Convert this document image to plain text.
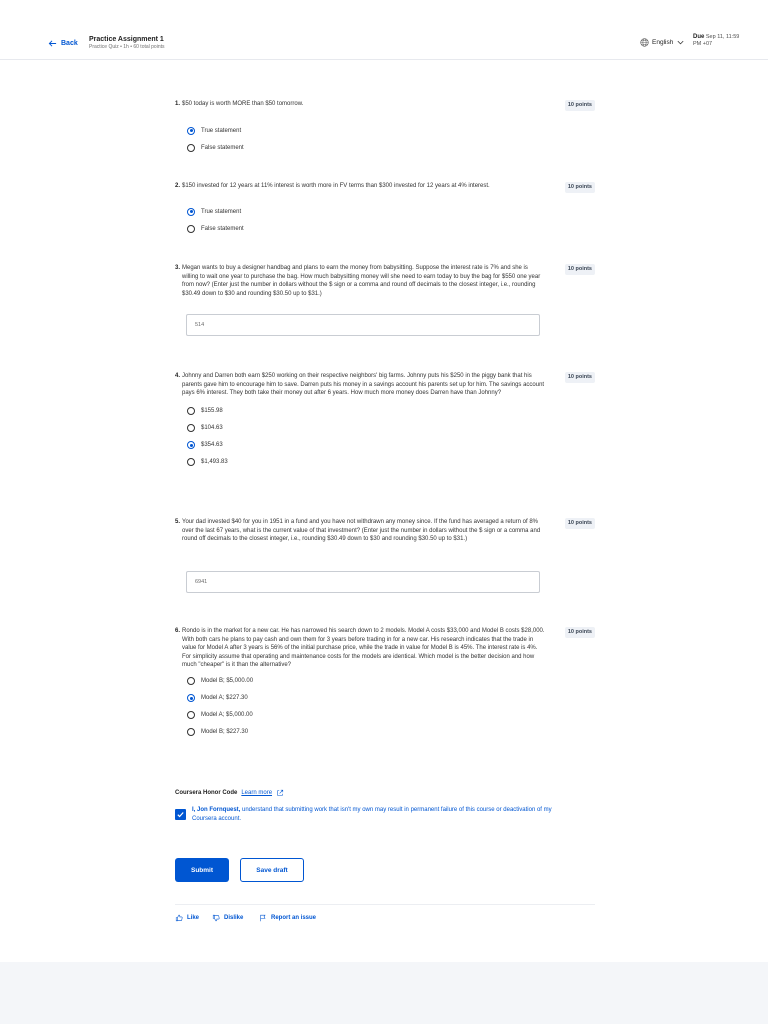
Back
Practice Assignment 1
Practice Quiz • 1h • 60 total points
English
Due Sep 11, 11:59
PM +07
1. $50 today is worth MORE than $50 tomorrow.	10 points
True statement
False statement
2. $150 invested for 12 years at 11% interest is worth more in FV terms than $300 invested for 12 years at 4% interest.	10 points
True statement
False statement
3. Megan wants to buy a designer handbag and plans to earn the money from babysitting. Suppose the interest rate is 7% and she is willing to wait one year to purchase the bag. How much babysitting money will she need to earn today to buy the bag for $550 one year from now? (Enter just the number in dollars without the $ sign or a comma and round off decimals to the closest integer, i.e., rounding $30.49 down to $30 and rounding $30.50 up to $31.)
10 points
514
4. Johnny and Darren both earn $250 working on their respective neighbors' big farms. Johnny puts his $250 in the piggy bank that his parents gave him to encourage him to save. Darren puts his money in a savings account his parents set up for him. The savings account pays 6% interest. They both take their money out after 6 years. How much more money does Darren have than Johnny?
10 points
$155.98
$104.63
$354.63
$1,493.83
5. Your dad invested $40 for you in 1951 in a fund and you have not withdrawn any money since. If the fund has averaged a return of 8% over the last 67 years, what is the current value of that investment? (Enter just the number in dollars without the $ sign or a comma and round off decimals to the closest integer, i.e., rounding $30.49 down to $30 and rounding $30.50 up to $31.)
10 points
6941
6. Rondo is in the market for a new car. He has narrowed his search down to 2 models. Model A costs $33,000 and Model B costs $28,000. With both cars he plans to pay cash and own them for 3 years before trading in for a new car. His research indicates that the trade in value for Model A after 3 years is 56% of the initial purchase price, while the trade in value for Model B is 45%. The interest rate is 4%. For simplicity assume that operating and maintenance costs for the models are identical. Which model is the better decision and how much "cheaper" is it than the alternative?
10 points
Model B; $5,000.00
Model A; $227.30
Model A; $5,000.00
Model B; $227.30
Coursera Honor Code Learn more
I, Jon Fornquest, understand that submitting work that isn't my own may result in permanent failure of this course or deactivation of my Coursera account.
Submit	Save draft
Like	Dislike	Report an issue
